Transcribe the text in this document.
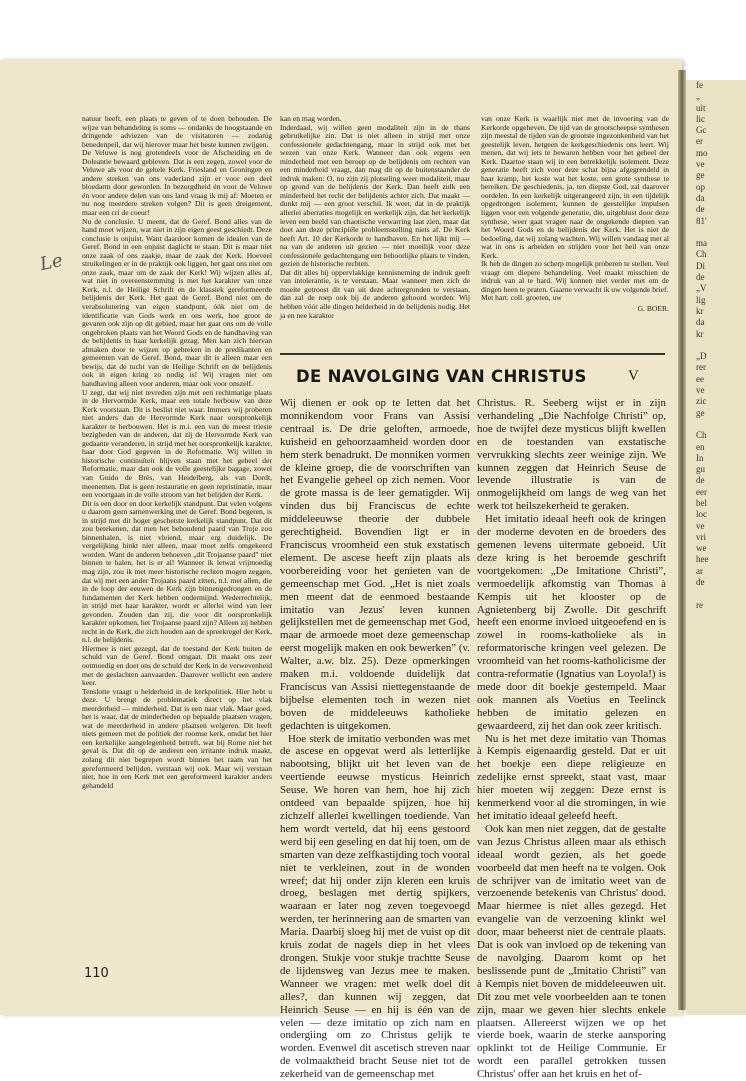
Le

natuur heeft, een plaats te geven of te doen behouden. De wijze van behandeling is soms — ondanks de hoogstaande en dringende adviezen van de visitatoren — zodanig benedenpeil, dat wij hierover maar het beste kunnen zwijgen.

De Veluwe is nog grotendeels voor de Afscheiding en de Doleantie bewaard gebleven. Dat is een zegen, zowel voor de Veluwe als voor de gehele Kerk. Friesland en Groningen en andere streken van ons vaderland zijn er voor een deel bloedarm door geworden. In bezorgdheid én voor de Veluwe én voor andere delen van ons land vraag ik mij af: Moeten er nu nog meerdere streken volgen? Dit is geen dreigement, maar een cri de coeur!

Nu de conclusie. U meent, dat de Geref. Bond alles van de hand moet wijzen, wat niet in zijn eigen geest geschiedt. Deze conclusie is onjuist. Want daardoor komen de idealen van de Geref. Bond in een onjuist daglicht te staan. Dit is maar niet onze zaak of ons zaakje, maar de zaak der Kerk. Hoeveel struikelingen er in de praktijk ook liggen, het gaat ons niet om onze zaak, maar om de zaak der Kerk! Wij wijzen alles af, wat niet in overeenstemming is met het karakter van onze Kerk, n.l. de Heilige Schrift en de klassiek gereformeerde belijdenis der Kerk. Het gaat de Geref. Bond niet om de verabsolutering van eigen standpunt, óók niet om de identificatie van Gods werk en ons werk, hoe groot de gevaren ook zijn op dit gebied, maar het gaat ons om de volle ongebroken plaats van het Woord Gods en de handhaving van de belijdenis in haar kerkelijk gezag. Men kan zich hiervan afmaken door te wijzen op gebreken in de predikanten en gemeenten van de Geref. Bond, maar dit is alleen maar een bewijs, dat de tucht van de Heilige Schrift en de belijdenis ook in eigen kring zo nodig is! Wij vragen niet om handhaving alleen voor anderen, maar ook voor onszelf.

U zegt, dat wij niet tevreden zijn met een rechtmatige plaats in de Hervormde Kerk, maar een totale herbouw van deze Kerk voorstaan. Dit is beslist niet waar. Immers wij proberen niet anders dan de Hervormde Kerk naar oorspronkelijk karakter te herbouwen. Het is m.i. een van de meest trieste bezigheden van de anderen, dat zij de Hervormde Kerk van gedaante veranderen, in strijd met het oorspronkelijk karakter, haar door God gegeven in de Reformatie. Wij willen in historische continuïteit blijven staan met het geheel der Reformatie, maar dan ook de volle geestelijke bagage, zowel van Guido de Brès, van Heidelberg, als van Dordt, meenemen. Dat is geen restauratie en geen repristinatie, maar een voortgaan in de volle stroom van het belijden der Kerk.

Dit is een door en door kerkelijk standpunt. Dat velen volgens u daarom geen samenwerking met de Geref. Bond begeren, is in strijd met dit hoger geschetste kerkelijk standpunt. Dat dit zou betekenen, dat men het behoudend paard van Troje zou binnenhalen, is niet vleiend, maar erg duidelijk. De vergelijking hinkt niet alleen, maar moet zelfs omgekeerd worden. Want de anderen behoeven „dit Trojaanse paard” niet binnen te halen, het is er al! Wanneer ik letwat vrijmoedig mag zijn, zou ik met meer historische rechten mogen zeggen, dat wij met een ander Trojaans paard zitten, n.l. met allen, die in de loop der eeuwen de Kerk zijn binnengedrongen en de fundamenten der Kerk hebben ondermijnd. Wederrechtelijk, in strijd met haar karakter, wordt er allerlei wind van leer gevonden. Zouden dan zij, die voor dit oorspronkelijk karakter opkomen, het Trojaanse paard zijn? Alleen zij hebben recht in de Kerk, die zich houden aan de spreekregel der Kerk, n.l. de belijdenis.

Hiermee is niet gezegd, dat de toestand der Kerk buiten de schuld van de Geref. Bond omgaat. Dit maakt ons zeer ootmoedig en doet ons de schuld der Kerk in de verwevenheid met de geslachten aanvaarden. Daarover wellicht een andere keer.

Tenslotte vraagt u helderheid in de kerkpolitiek. Hier hebt u deze. U brengt de problematiek direct op het vlak meerderheid — minderheid. Dat is een naar vlak. Maar goed, het is waar, dat de minderheden op bepaalde plaatsen vragen, wat de meerderheid in andere plaatsen welgeren. Dit heeft niets gemeen met de politiek der roomse kerk, omdat het hier een kerkelijke aangelegenheid betreft, wat bij Rome niet het geval is. Dat dit op de anderen een irritante indruk maakt, zolang dit niet begrepen wordt binnen het raam van het gereformeerd belijden, verstaan wij ook. Maar wij verstaan niet, hoe in een Kerk met een gereformeerd karakter anders gehandeld

kan en mag worden.

Inderdaad, wij willen geen modaliteit zijn in de thans gebruikelijke zin. Dat is niet alleen in strijd met onze confessionele gedachtengang, maar in strijd ook met het wezen van onze Kerk. Wanneer dan ook ergens een minderheid met een beroep op de belijdenis om rechten van een minderheid vraagt, dan mag dit op de buitenstaander de indruk maken: O, nu zijn zij plotseling weer modaliteit, maar op grond van de belijdenis der Kerk. Dan heeft zulk een minderheid het recht der belijdenis achter zich. Dat maakt — dunkt mij — een groot verschil. Ik weet, dat in de praktijk allerlei aberraties mogelijk en werkelijk zijn, dat het kerkelijk leven een beeld van chaotische verwarring laat zien, maar dat doet aan deze principiële probleemstelling niets af. De Kerk heeft Art. 10 der Kerkorde te handhaven. En het lijkt mij — na van de anderen uit gezien — niet moeilijk voor deze confessionele gedachtengang een behoorlijke plaats te vinden, gezien de historische rechten.

Dat dit alles bij oppervlakkige kennisneming de indruk geeft van intolerantie, is te verstaan. Maar wanneer men zich de moeite getroost dit van uit deze achtergronden te verstaan, dan zal de roep ook bij de anderen gehoord worden: Wij hebben vóór alle dingen helderheid in de belijdenis nodig. Het ja en nee karakter

van onze Kerk is waarlijk niet met de invoering van de Kerkorde opgeheven. De tijd van de grootscheepse synthesen zijn meestal de tijden van de grootste ingezonkenheid van het geestelijk leven, hetgeen de kerkgeschiedenis ons leert. Wij menen, dat wij iets te bewaren hebben voor het geheel der Kerk. Daartoe staan wij in een betrekkelijk isolement. Deze generatie heeft zich voor deze schat bijna afgegrendeld in haar kramp, het koste wat het koste, een grote synthese te bereiken. De geschiedenis, ja, ten diepste God, zal daarover oordelen. In een kerkelijk uitgerangeerd zijn, in een tijdelijk opgedrongen isolement, kunnen de geestelijke impulsen liggen voor een volgende generatie, die, uitgeblust door deze synthese, weer gaat vragen naar de ongekende diepten van het Woord Gods en de belijdenis der Kerk. Het is niet de bedoeling, dat wij zolang wachten. Wij willen vandaag met al wat in ons is arbeiden en strijden voor het heil van onze Kerk.

Ik heb de dingen zo scherp mogelijk proberen te stellen. Veel vraagt om diepere behandeling. Veel maakt misschien de indruk van al te hard. Wij konnen niet verder met om de dingen heen te praten. Gaarne verwacht ik uw volgende brief.

Met hart. coll. groeten, uw

G. BOER.
DE NAVOLGING VAN CHRISTUS	V

Wij dienen er ook op te letten dat het monnikendom voor Frans van Assisi centraal is. De drie geloften, armoede, kuisheid en gehoorzaamheid worden door hem sterk benadrukt. De monniken vormen de kleine groep, die de voorschriften van het Evangelie geheel op zich nemen. Voor de grote massa is de leer gematigder. Wij vinden dus bij Franciscus de echte middeleeuwse theorie der dubbele gerechtigheid. Bovendien ligt er in Franciscus vroomheid een stuk exstatisch element. De ascese heeft zijn plaats als voorbereiding voor het genieten van de gemeenschap met God. „Het is niet zoals men meent dat de eenmoed bestaande imitatio van Jezus' leven kunnen gelijkstellen met de gemeenschap met God, maar de armoede moet deze gemeenschap eerst mogelijk maken en ook bewerken” (v. Walter, a.w. blz. 25). Deze opmerkingen maken m.i. voldoende duidelijk dat Franciscus van Assisi niettegenstaande de bijbelse elementen toch in wezen niet boven de middeleeuws katholieke gedachten is uitgekomen.

Hoe sterk de imitatio verbonden was met de ascese en opgevat werd als letterlijke nabootsing, blijkt uit het leven van de veertiende eeuwse mysticus Heinrich Seuse. We horen van hem, hoe hij zich ontdeed van bepaalde spijzen, hoe hij zichzelf allerlei kwellingen toediende. Van hem wordt verteld, dat hij eens gestoord werd bij een geseling en dat hij toen, om de smarten van deze zelfkastijding toch vooral niet te verkleinen, zout in de wonden wreef; dat hij onder zijn kleren een kruis droeg, beslagen met dertig spijkers, waaraan er later nog zeven toegevoegd werden, ter herinnering aan de smarten van Maria. Daarbij sloeg hij met de vuist op dit kruis zodat de nagels diep in het vlees drongen. Stukje voor stukje trachtte Seuse de lijdensweg van Jezus mee te maken. Wanneer we vragen: met welk doel dit alles?, dan kunnen wij zeggen, dat Heinrich Seuse — en hij is één van de velen — deze imitatio op zich nam en ondergiing om zo Christus gelijk te worden. Evenwel dit ascetisch streven naar de volmaaktheid bracht Seuse niet tot de zekerheid van de gemeenschap met

Christus. R. Seeberg wijst er in zijn verhandeling „Die Nachfolge Christi” op, hoe de twijfel deze mysticus blijft kwellen en de toestanden van exstatische vervrukking slechts zeer weinige zijn. We kunnen zeggen dat Heinrich Seuse de levende illustratie is van de onmogelijkheid om langs de weg van het werk tot heilszekerheid te geraken.

Het imitatio ideaal heeft ook de kringen der moderne devoten en de broeders des gemenen levens uitermate geboeid. Uit deze kring is het beroemde geschrift voortgekomen: „De Imitatione Christi”, vermoedelijk afkomstig van Thomas à Kempis uit het klooster op de Agnietenberg bij Zwolle. Dit geschrift heeft een enorme invloed uitgeoefend en is zowel in rooms-katholieke als in reformatorische kringen veel gelezen. De vroomheid van het rooms-katholicisme der contra-reformatie (Ignatius van Loyola!) is mede door dit boekje gestempeld. Maar ook mannen als Voetius en Teelinck hebben de imitatio gelezen en gewaardeerd, zij het dan ook zeer kritisch.

Nu is het met deze imitatio van Thomas à Kempis eigenaardig gesteld. Dat er uit het boekje een diepe religieuze en zedelijke ernst spreekt, staat vast, maar hier moeten wij zeggen: Deze ernst is kenmerkend voor al die stromingen, in wie het imitatio ideaal geleefd heeft.

Ook kan men niet zeggen, dat de gestalte van Jezus Christus alleen maar als ethisch ideaal wordt gezien, als het goede voorbeeld dat men heeft na te volgen. Ook de schrijver van de imitatio weet van de verzoenende betekenis van Christus' dood. Maar hiermee is niet alles gezegd. Het evangelie van de verzoening klinkt wel door, maar beheerst niet de centrale plaats. Dat is ook van invloed op de tekening van de navolging. Daarom komt op het beslissende punt de „Imitatio Christi” van à Kempis niet boven de middeleeuwen uit. Dit zou met vele voorbeelden aan te tonen zijn, maar we geven hier slechts enkele plaatsen. Allereerst wijzen we op het vierde boek, waarin de sterke aansporing opklinkt tot de Heilige Communie. Er wordt een parallel getrokken tussen Christus' offer aan het kruis en het of-

110
fe
„
uit
lic
Gc
er
mo
ve
ge
op
da
de
81'
ma
Ch
Di
de
„V
lig
kr
da
kr
„D
rer
ee
ve
zic
ge
Ch
en
In
gu
de
eer
bel
loc
ve
vri
we
hee
ar
de
re
